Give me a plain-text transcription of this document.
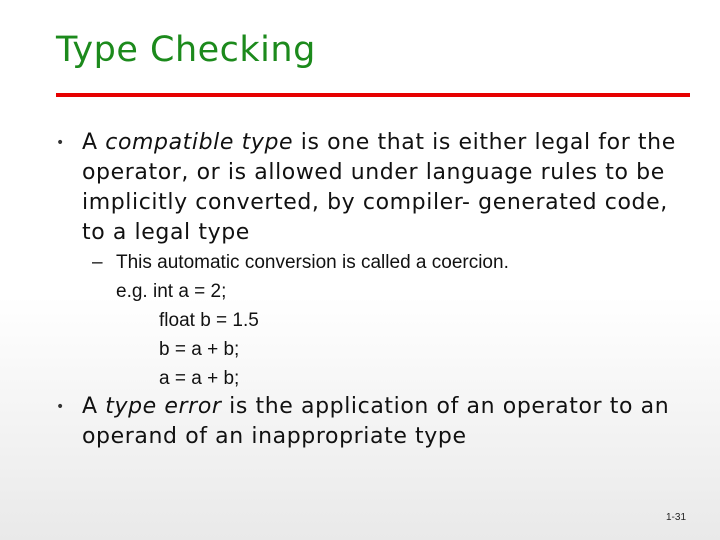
Type Checking
• A compatible type is one that is either legal for the operator, or is allowed under language rules to be implicitly converted, by compiler- generated code, to a legal type
– This automatic conversion is called a coercion.
e.g. int a = 2;
float b = 1.5
b = a + b;
a = a + b;
• A type error is the application of an operator to an operand of an inappropriate type
1-31
